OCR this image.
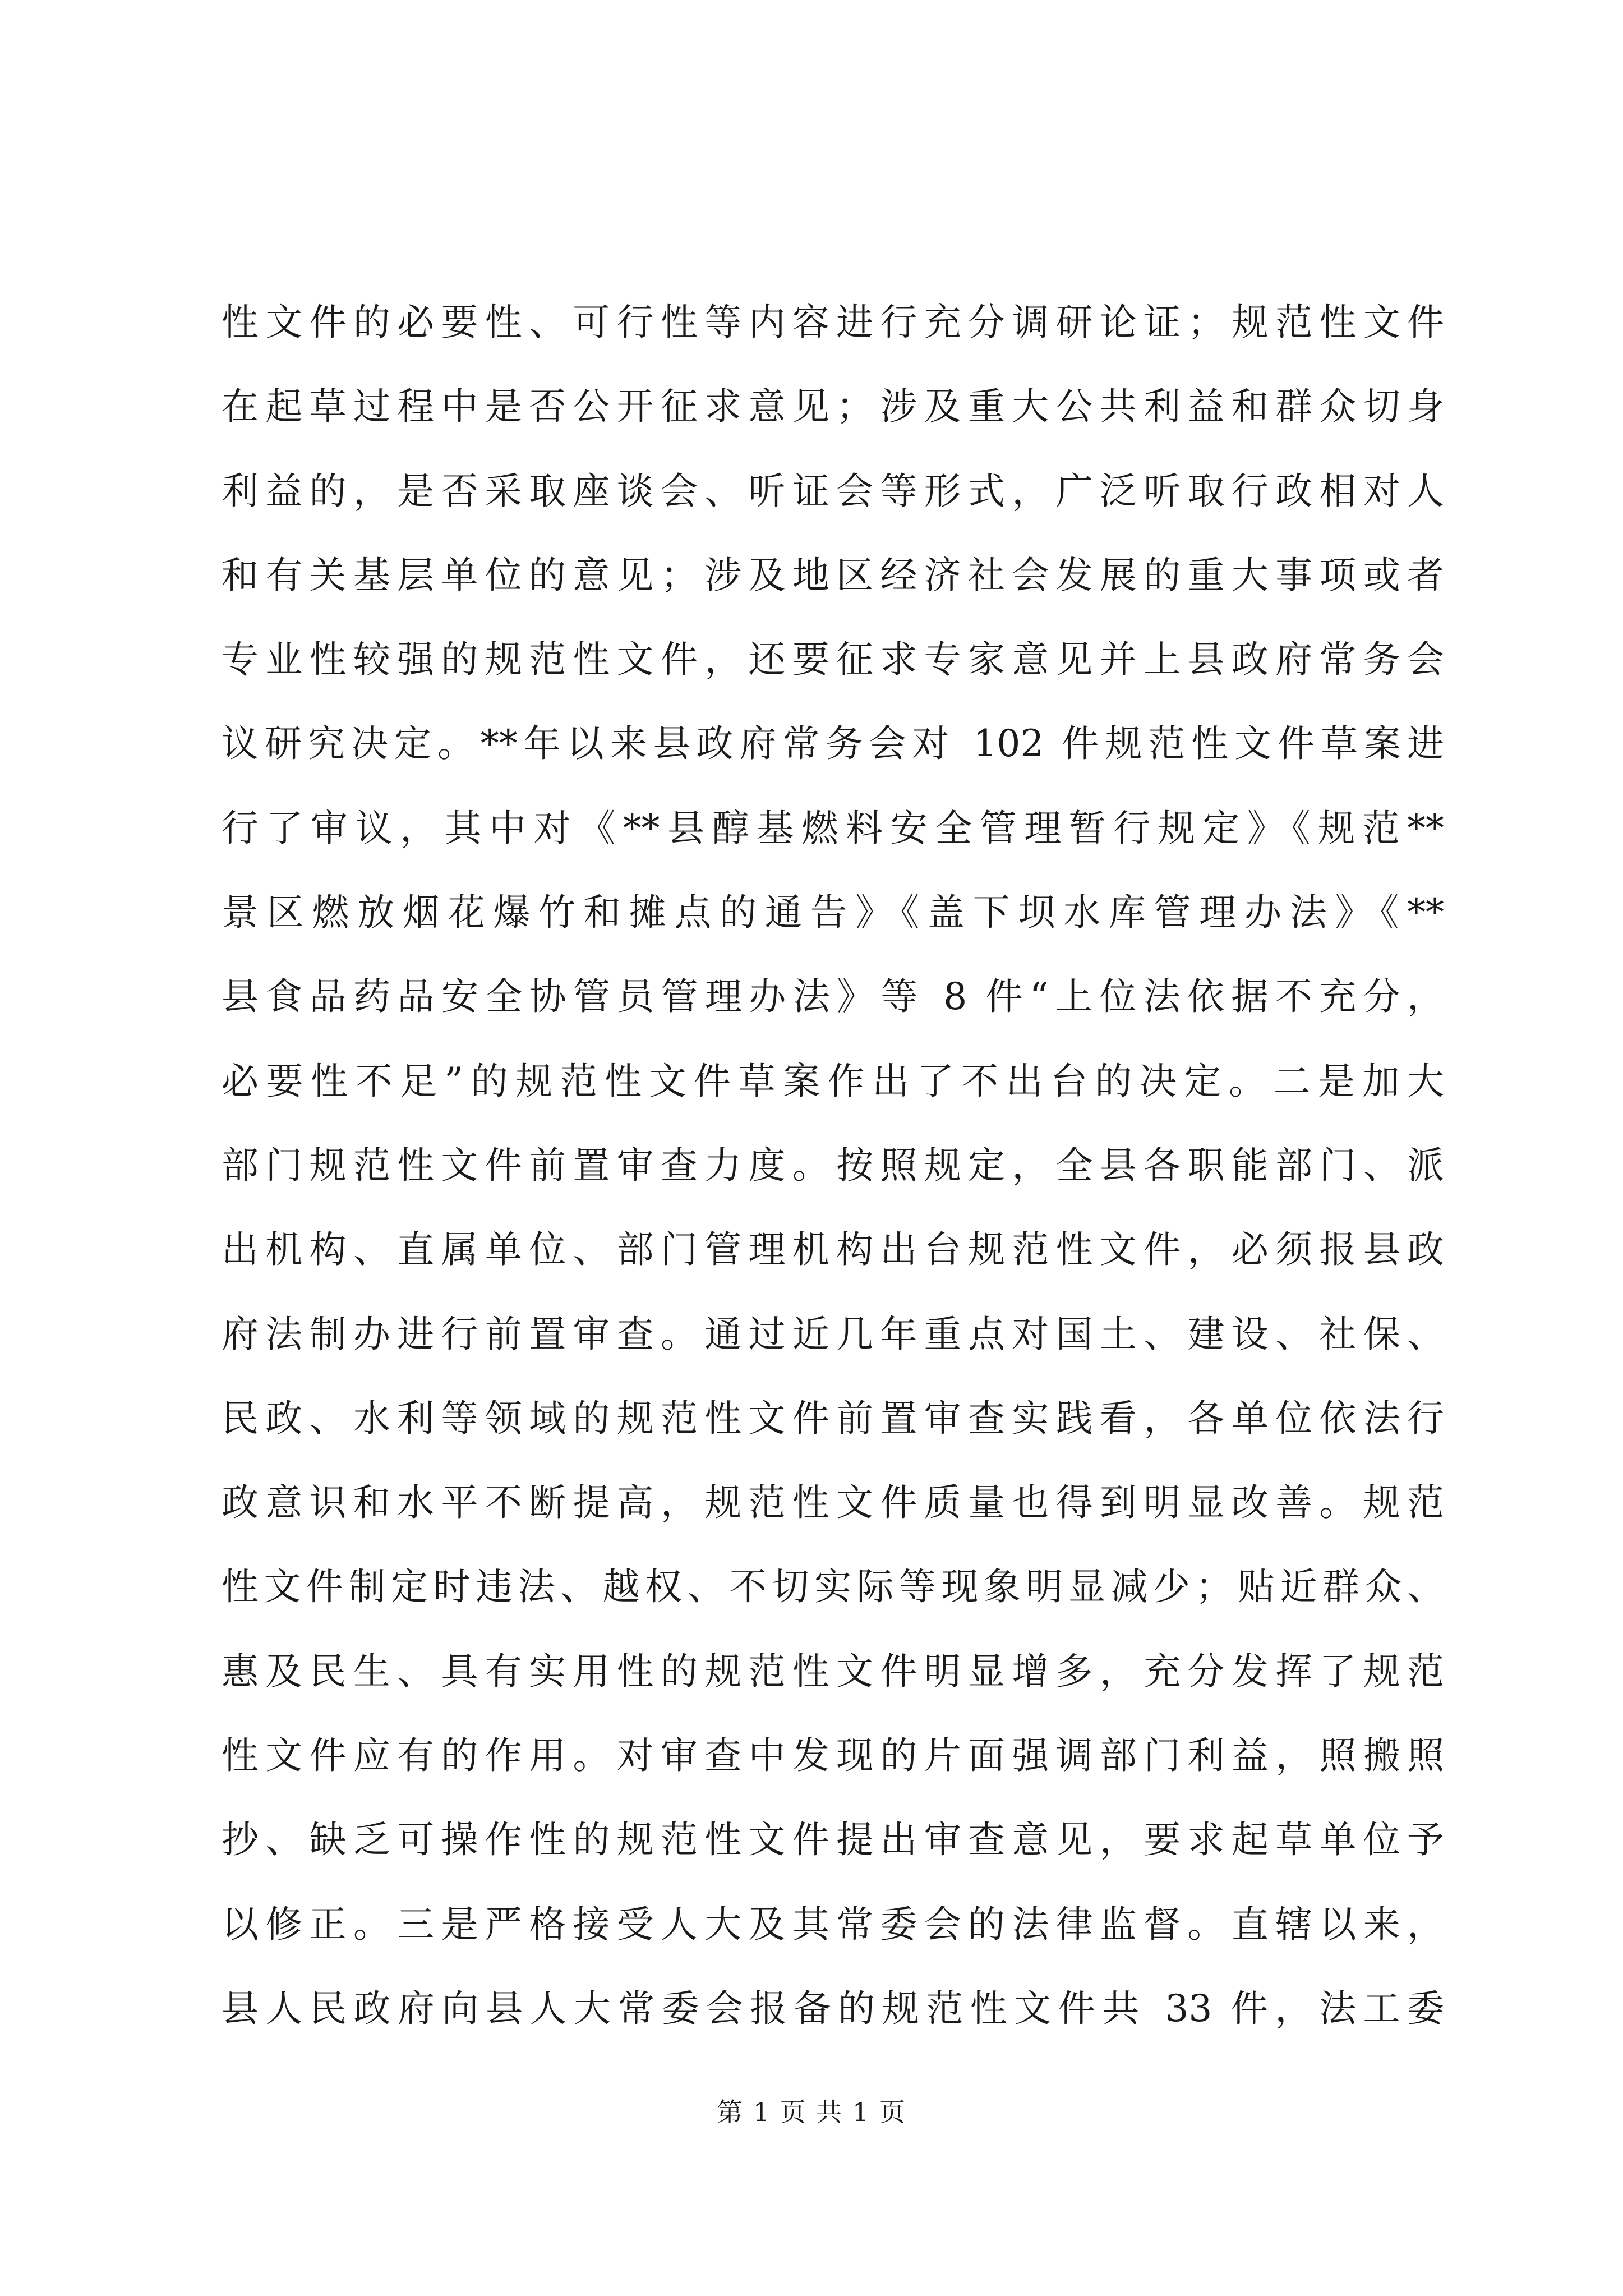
性文件的必要性、可行性等内容进行充分调研论证；规范性文件
在起草过程中是否公开征求意见；涉及重大公共利益和群众切身
利益的，是否采取座谈会、听证会等形式，广泛听取行政相对人
和有关基层单位的意见；涉及地区经济社会发展的重大事项或者
专业性较强的规范性文件，还要征求专家意见并上县政府常务会
议研究决定。**年以来县政府常务会对 102 件规范性文件草案进
行了审议，其中对《**县醇基燃料安全管理暂行规定》《规范**
景区燃放烟花爆竹和摊点的通告》《盖下坝水库管理办法》《**
县食品药品安全协管员管理办法》等 8 件“上位法依据不充分，
必要性不足”的规范性文件草案作出了不出台的决定。二是加大
部门规范性文件前置审查力度。按照规定，全县各职能部门、派
出机构、直属单位、部门管理机构出台规范性文件，必须报县政
府法制办进行前置审查。通过近几年重点对国土、建设、社保、
民政、水利等领域的规范性文件前置审查实践看，各单位依法行
政意识和水平不断提高，规范性文件质量也得到明显改善。规范
性文件制定时违法、越权、不切实际等现象明显减少；贴近群众、
惠及民生、具有实用性的规范性文件明显增多，充分发挥了规范
性文件应有的作用。对审查中发现的片面强调部门利益，照搬照
抄、缺乏可操作性的规范性文件提出审查意见，要求起草单位予
以修正。三是严格接受人大及其常委会的法律监督。直辖以来，
县人民政府向县人大常委会报备的规范性文件共 33 件，法工委
第 1 页 共 1 页
